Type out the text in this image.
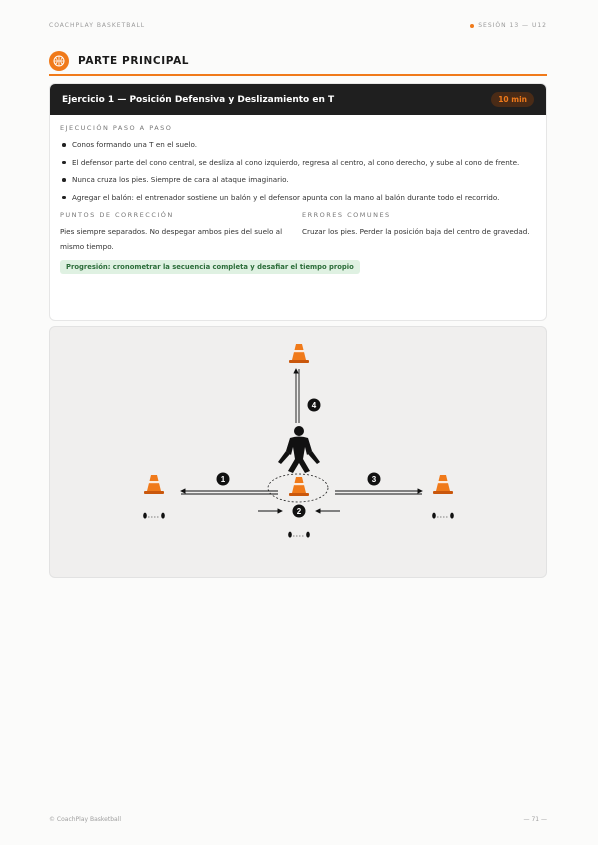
COACHPLAY BASKETBALL	SESIÓN 13 — U12
PARTE PRINCIPAL
Ejercicio 1 — Posición Defensiva y Deslizamiento en T	10 min
EJECUCIÓN PASO A PASO
Conos formando una T en el suelo.
El defensor parte del cono central, se desliza al cono izquierdo, regresa al centro, al cono derecho, y sube al cono de frente.
Nunca cruza los pies. Siempre de cara al ataque imaginario.
Agregar el balón: el entrenador sostiene un balón y el defensor apunta con la mano al balón durante todo el recorrido.
PUNTOS DE CORRECCIÓN

Pies siempre separados. No despegar ambos pies del suelo al mismo tiempo.

ERRORES COMUNES

Cruzar los pies. Perder la posición baja del centro de gravedad.

Progresión: cronometrar la secuencia completa y desafiar el tiempo propio
1
2
3
4
© CoachPlay Basketball	— 71 —
